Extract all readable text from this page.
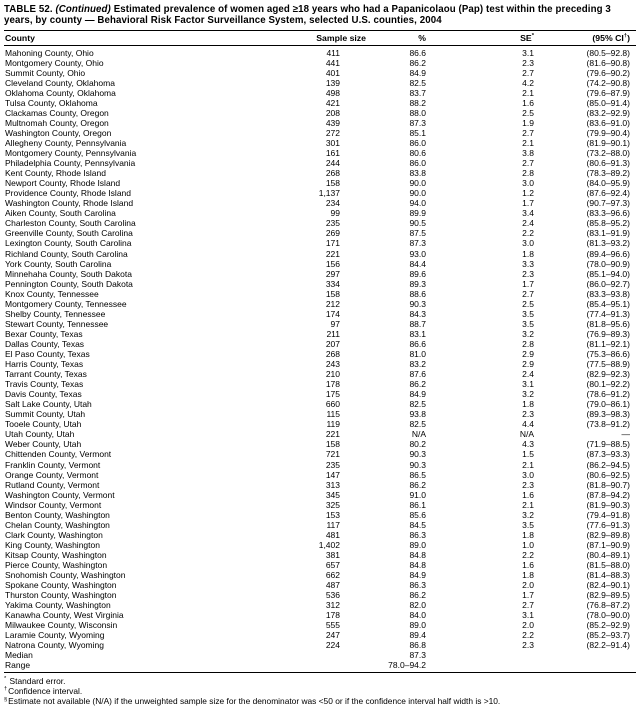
TABLE 52. (Continued) Estimated prevalence of women aged ≥18 years who had a Papanicolaou (Pap) test within the preceding 3 years, by county — Behavioral Risk Factor Surveillance System, selected U.S. counties, 2004
County	Sample size	%	SE*	(95% CI†)
Mahoning County, Ohio	411	86.6	3.1	(80.5–92.8)
Montgomery County, Ohio	441	86.2	2.3	(81.6–90.8)
Summit County, Ohio	401	84.9	2.7	(79.6–90.2)
Cleveland County, Oklahoma	139	82.5	4.2	(74.2–90.8)
Oklahoma County, Oklahoma	498	83.7	2.1	(79.6–87.9)
Tulsa County, Oklahoma	421	88.2	1.6	(85.0–91.4)
Clackamas County, Oregon	208	88.0	2.5	(83.2–92.9)
Multnomah County, Oregon	439	87.3	1.9	(83.6–91.0)
Washington County, Oregon	272	85.1	2.7	(79.9–90.4)
Allegheny County, Pennsylvania	301	86.0	2.1	(81.9–90.1)
Montgomery County, Pennsylvania	161	80.6	3.8	(73.2–88.0)
Philadelphia County, Pennsylvania	244	86.0	2.7	(80.6–91.3)
Kent County, Rhode Island	268	83.8	2.8	(78.3–89.2)
Newport County, Rhode Island	158	90.0	3.0	(84.0–95.9)
Providence County, Rhode Island	1,137	90.0	1.2	(87.6–92.4)
Washington County, Rhode Island	234	94.0	1.7	(90.7–97.3)
Aiken County, South Carolina	99	89.9	3.4	(83.3–96.6)
Charleston County, South Carolina	235	90.5	2.4	(85.8–95.2)
Greenville County, South Carolina	269	87.5	2.2	(83.1–91.9)
Lexington County, South Carolina	171	87.3	3.0	(81.3–93.2)
Richland County, South Carolina	221	93.0	1.8	(89.4–96.6)
York County, South Carolina	156	84.4	3.3	(78.0–90.9)
Minnehaha County, South Dakota	297	89.6	2.3	(85.1–94.0)
Pennington County, South Dakota	334	89.3	1.7	(86.0–92.7)
Knox County, Tennessee	158	88.6	2.7	(83.3–93.8)
Montgomery County, Tennessee	212	90.3	2.5	(85.4–95.1)
Shelby County, Tennessee	174	84.3	3.5	(77.4–91.3)
Stewart County, Tennessee	97	88.7	3.5	(81.8–95.6)
Bexar County, Texas	211	83.1	3.2	(76.9–89.3)
Dallas County, Texas	207	86.6	2.8	(81.1–92.1)
El Paso County, Texas	268	81.0	2.9	(75.3–86.6)
Harris County, Texas	243	83.2	2.9	(77.5–88.9)
Tarrant County, Texas	210	87.6	2.4	(82.9–92.3)
Travis County, Texas	178	86.2	3.1	(80.1–92.2)
Davis County, Texas	175	84.9	3.2	(78.6–91.2)
Salt Lake County, Utah	660	82.5	1.8	(79.0–86.1)
Summit County, Utah	115	93.8	2.3	(89.3–98.3)
Tooele County, Utah	119	82.5	4.4	(73.8–91.2)
Utah County, Utah	221	N/A	N/A	—
Weber County, Utah	158	80.2	4.3	(71.9–88.5)
Chittenden County, Vermont	721	90.3	1.5	(87.3–93.3)
Franklin County, Vermont	235	90.3	2.1	(86.2–94.5)
Orange County, Vermont	147	86.5	3.0	(80.6–92.5)
Rutland County, Vermont	313	86.2	2.3	(81.8–90.7)
Washington County, Vermont	345	91.0	1.6	(87.8–94.2)
Windsor County, Vermont	325	86.1	2.1	(81.9–90.3)
Benton County, Washington	153	85.6	3.2	(79.4–91.8)
Chelan County, Washington	117	84.5	3.5	(77.6–91.3)
Clark County, Washington	481	86.3	1.8	(82.9–89.8)
King County, Washington	1,402	89.0	1.0	(87.1–90.9)
Kitsap County, Washington	381	84.8	2.2	(80.4–89.1)
Pierce County, Washington	657	84.8	1.6	(81.5–88.0)
Snohomish County, Washington	662	84.9	1.8	(81.4–88.3)
Spokane County, Washington	487	86.3	2.0	(82.4–90.1)
Thurston County, Washington	536	86.2	1.7	(82.9–89.5)
Yakima County, Washington	312	82.0	2.7	(76.8–87.2)
Kanawha County, West Virginia	178	84.0	3.1	(78.0–90.0)
Milwaukee County, Wisconsin	555	89.0	2.0	(85.2–92.9)
Laramie County, Wyoming	247	89.4	2.2	(85.2–93.7)
Natrona County, Wyoming	224	86.8	2.3	(82.2–91.4)
Median		87.3		
Range		78.0–94.2		
* Standard error.
†Confidence interval.
§Estimate not available (N/A) if the unweighted sample size for the denominator was <50 or if the confidence interval half width is >10.
